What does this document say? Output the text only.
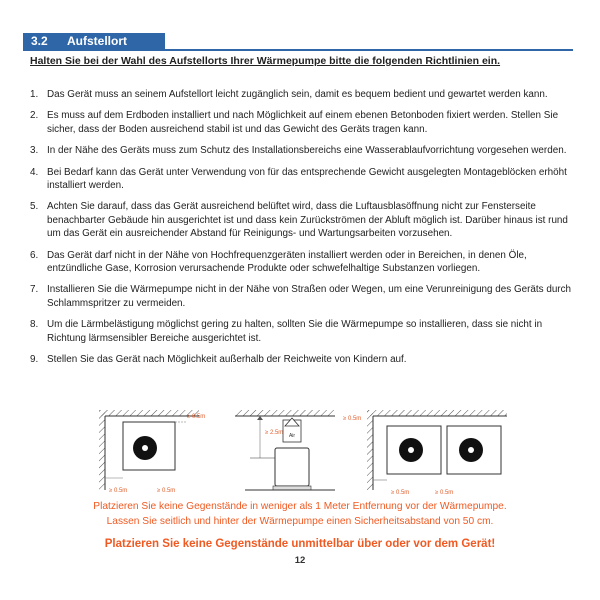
3.2 Aufstellort
Halten Sie bei der Wahl des Aufstellorts Ihrer Wärmepumpe bitte die folgenden Richtlinien ein.
1. Das Gerät muss an seinem Aufstellort leicht zugänglich sein, damit es bequem bedient und gewartet werden kann.
2. Es muss auf dem Erdboden installiert und nach Möglichkeit auf einem ebenen Betonboden fixiert werden. Stellen Sie sicher, dass der Boden ausreichend stabil ist und das Gewicht des Geräts tragen kann.
3. In der Nähe des Geräts muss zum Schutz des Installationsbereichs eine Wasserablaufvorrichtung vorgesehen werden.
4. Bei Bedarf kann das Gerät unter Verwendung von für das entsprechende Gewicht ausgelegten Montageblöcken erhöht installiert werden.
5. Achten Sie darauf, dass das Gerät ausreichend belüftet wird, dass die Luftausblasöffnung nicht zur Fensterseite benachbarter Gebäude hin ausgerichtet ist und dass kein Zurückströmen der Abluft möglich ist. Darüber hinaus ist rund um das Gerät ein ausreichender Abstand für Reinigungs- und Wartungsarbeiten vorzusehen.
6. Das Gerät darf nicht in der Nähe von Hochfrequenzgeräten installiert werden oder in Bereichen, in denen Öle, entzündliche Gase, Korrosion verursachende Produkte oder schwefelhaltige Substanzen vorliegen.
7. Installieren Sie die Wärmepumpe nicht in der Nähe von Straßen oder Wegen, um eine Verunreinigung des Geräts durch Schlammspritzer zu vermeiden.
8. Um die Lärmbelästigung möglichst gering zu halten, sollten Sie die Wärmepumpe so installieren, dass sie nicht in Richtung lärmsensibler Bereiche ausgerichtet ist.
9. Stellen Sie das Gerät nach Möglichkeit außerhalb der Reichweite von Kindern auf.
≥ 0.5m
≥ 0.5m	≥ 0.5m
≥ 2.5m Air
≥ 0.5m
≥ 0.5m	≥ 0.5m
Platzieren Sie keine Gegenstände in weniger als 1 Meter Entfernung vor der Wärmepumpe.
Lassen Sie seitlich und hinter der Wärmepumpe einen Sicherheitsabstand von 50 cm.
Platzieren Sie keine Gegenstände unmittelbar über oder vor dem Gerät!
12
